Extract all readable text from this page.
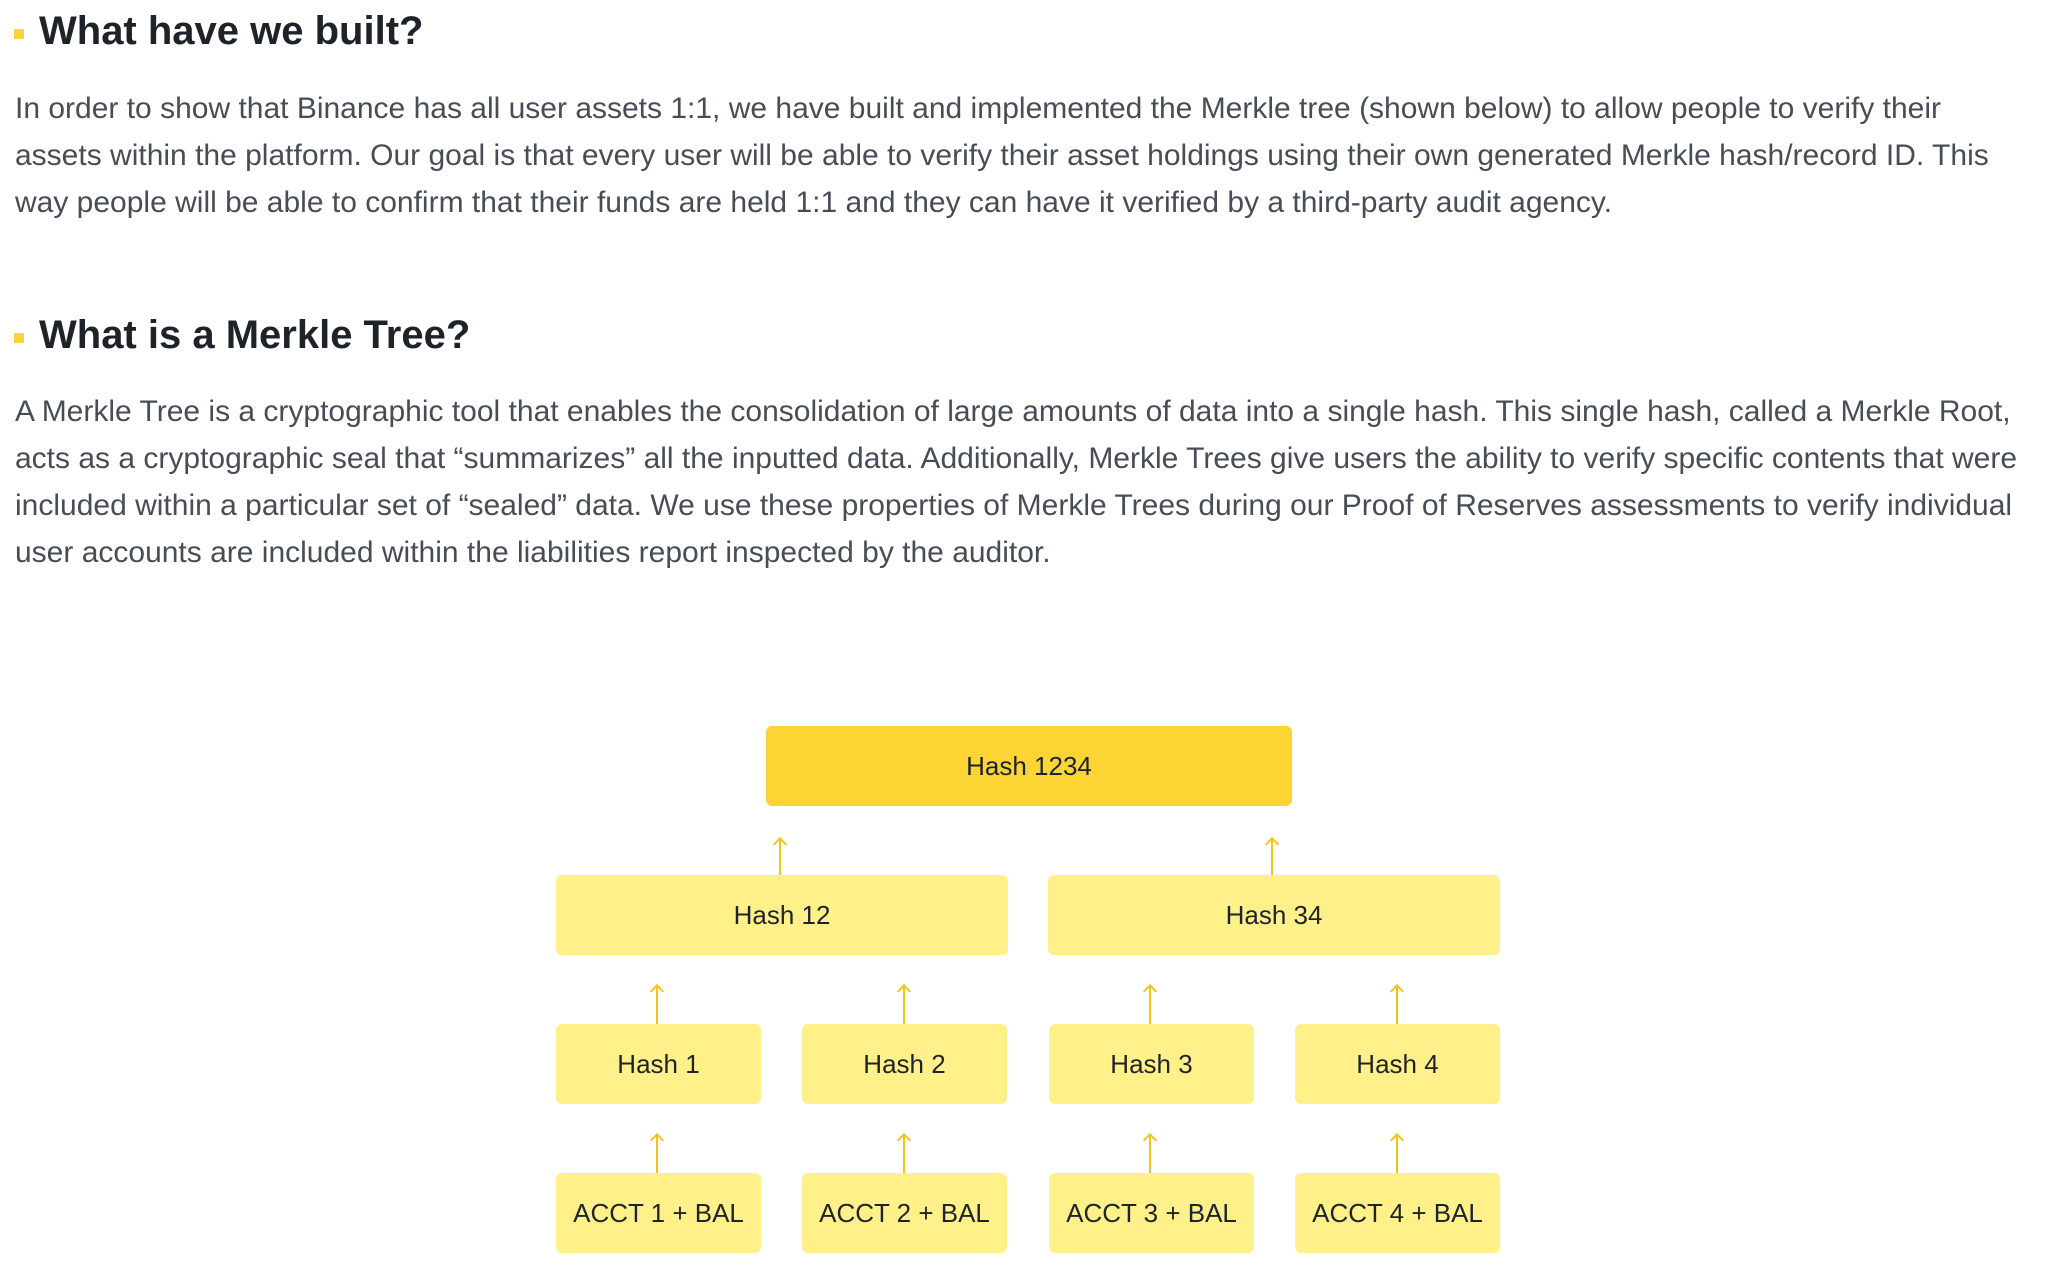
What have we built?

In order to show that Binance has all user assets 1:1, we have built and implemented the Merkle tree (shown below) to allow people to verify their assets within the platform. Our goal is that every user will be able to verify their asset holdings using their own generated Merkle hash/record ID. This way people will be able to confirm that their funds are held 1:1 and they can have it verified by a third-party audit agency.

What is a Merkle Tree?

A Merkle Tree is a cryptographic tool that enables the consolidation of large amounts of data into a single hash. This single hash, called a Merkle Root, acts as a cryptographic seal that “summarizes” all the inputted data. Additionally, Merkle Trees give users the ability to verify specific contents that were included within a particular set of “sealed” data. We use these properties of Merkle Trees during our Proof of Reserves assessments to verify individual user accounts are included within the liabilities report inspected by the auditor.

Hash 1234
Hash 12	Hash 34
Hash 1	Hash 2	Hash 3	Hash 4
ACCT 1 + BAL	ACCT 2 + BAL	ACCT 3 + BAL	ACCT 4 + BAL
